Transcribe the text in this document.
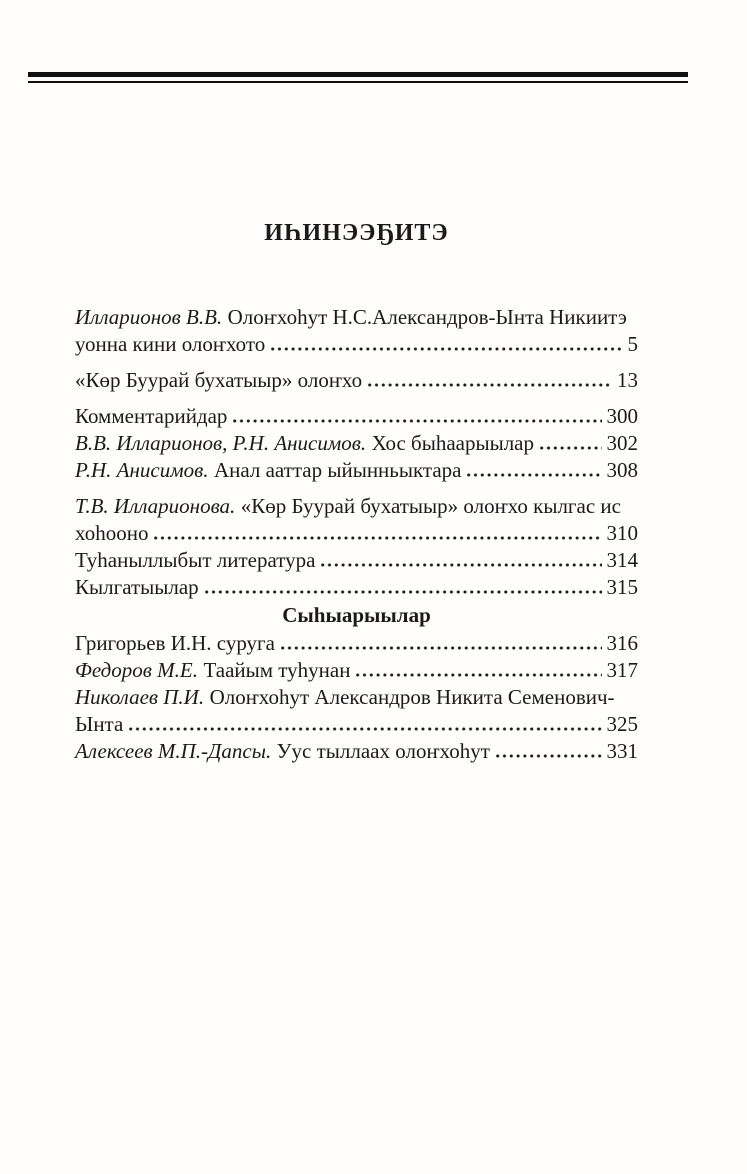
ИҺИНЭЭҔИТЭ
Илларионов В.В. Олоҥхоһут Н.С.Александров-Ынта Никиитэ
уонна кини олоҥхото	5
«Көр Буурай бухатыыр» олоҥхо	13
Комментарийдар	300
В.В. Илларионов, Р.Н. Анисимов. Хос быһаарыылар	302
Р.Н. Анисимов. Анал ааттар ыйынньыктара	308
Т.В. Илларионова. «Көр Буурай бухатыыр» олоҥхо кылгас ис
хоһооно	310
Туһаныллыбыт литература	314
Кылгатыылар	315
Сыһыарыылар
Григорьев И.Н. суруга	316
Федоров М.Е. Таайым туһунан	317
Николаев П.И. Олоҥхоһут Александров Никита Семенович-
Ынта	325
Алексеев М.П.-Дапсы. Уус тыллаах олоҥхоһут	331
